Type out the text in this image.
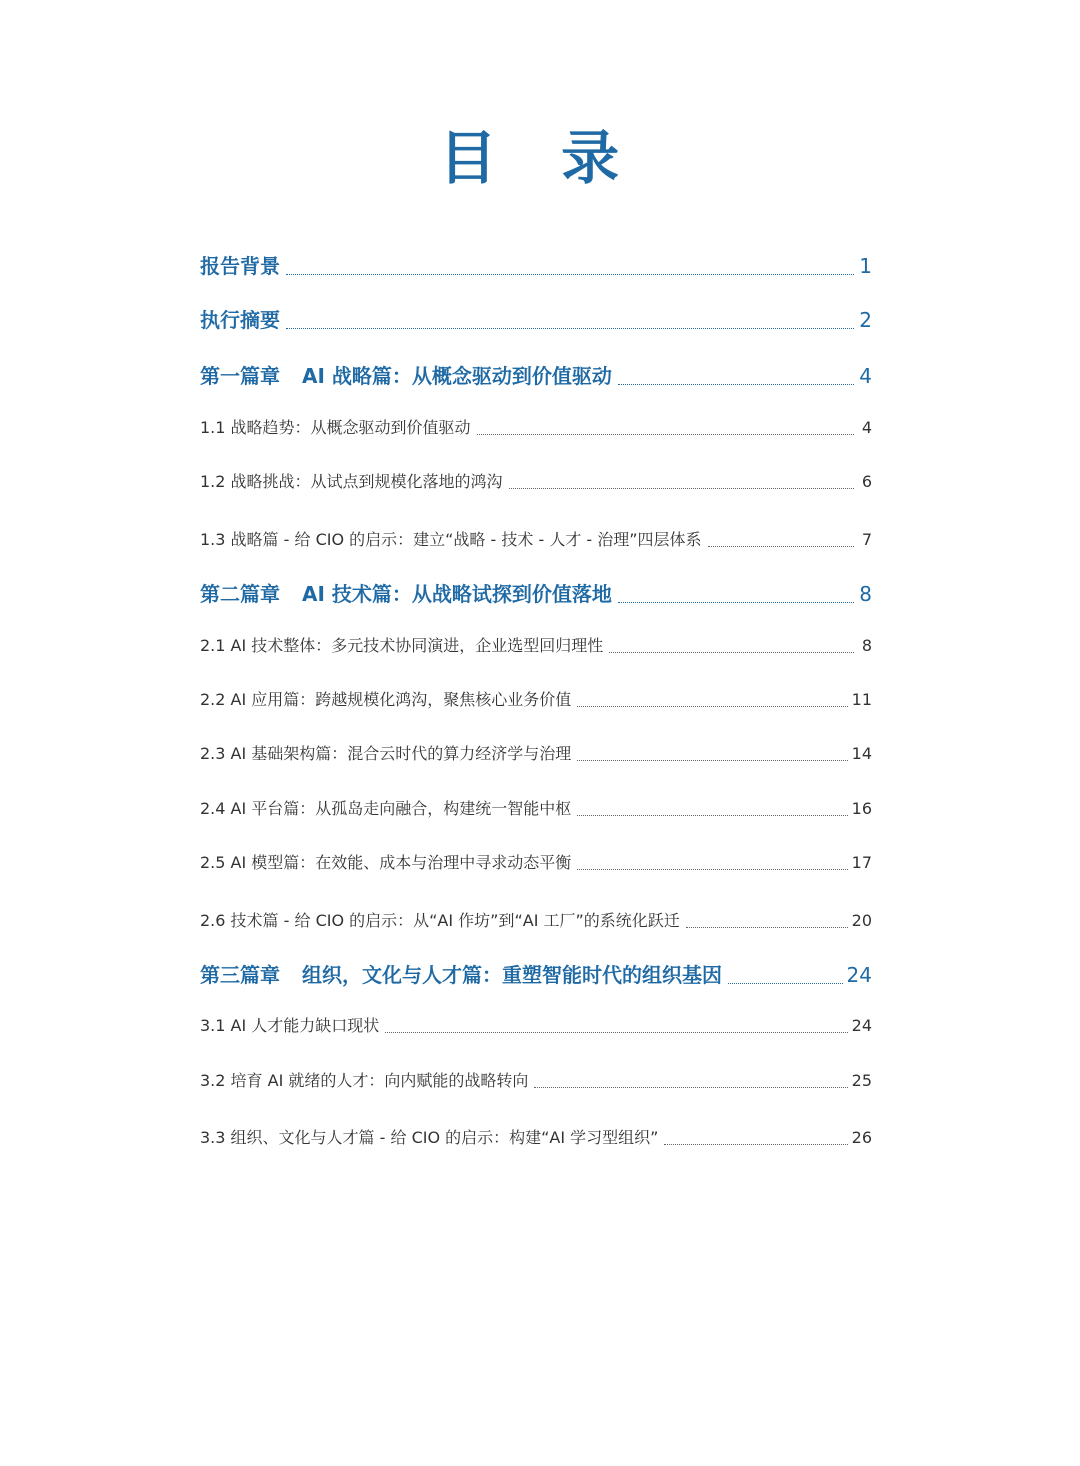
目 录
报告背景	1
执行摘要	2
第一篇章 AI 战略篇：从概念驱动到价值驱动	4
1.1 战略趋势：从概念驱动到价值驱动	4
1.2 战略挑战：从试点到规模化落地的鸿沟	6
1.3 战略篇 - 给 CIO 的启示：建立“战略 - 技术 - 人才 - 治理”四层体系	7
第二篇章 AI 技术篇：从战略试探到价值落地	8
2.1 AI 技术整体：多元技术协同演进，企业选型回归理性	8
2.2 AI 应用篇：跨越规模化鸿沟，聚焦核心业务价值	11
2.3 AI 基础架构篇：混合云时代的算力经济学与治理	14
2.4 AI 平台篇：从孤岛走向融合，构建统一智能中枢	16
2.5 AI 模型篇：在效能、成本与治理中寻求动态平衡	17
2.6 技术篇 - 给 CIO 的启示：从“AI 作坊”到“AI 工厂”的系统化跃迁	20
第三篇章 组织，文化与人才篇：重塑智能时代的组织基因	24
3.1 AI 人才能力缺口现状	24
3.2 培育 AI 就绪的人才：向内赋能的战略转向	25
3.3 组织、文化与人才篇 - 给 CIO 的启示：构建“AI 学习型组织”	26
